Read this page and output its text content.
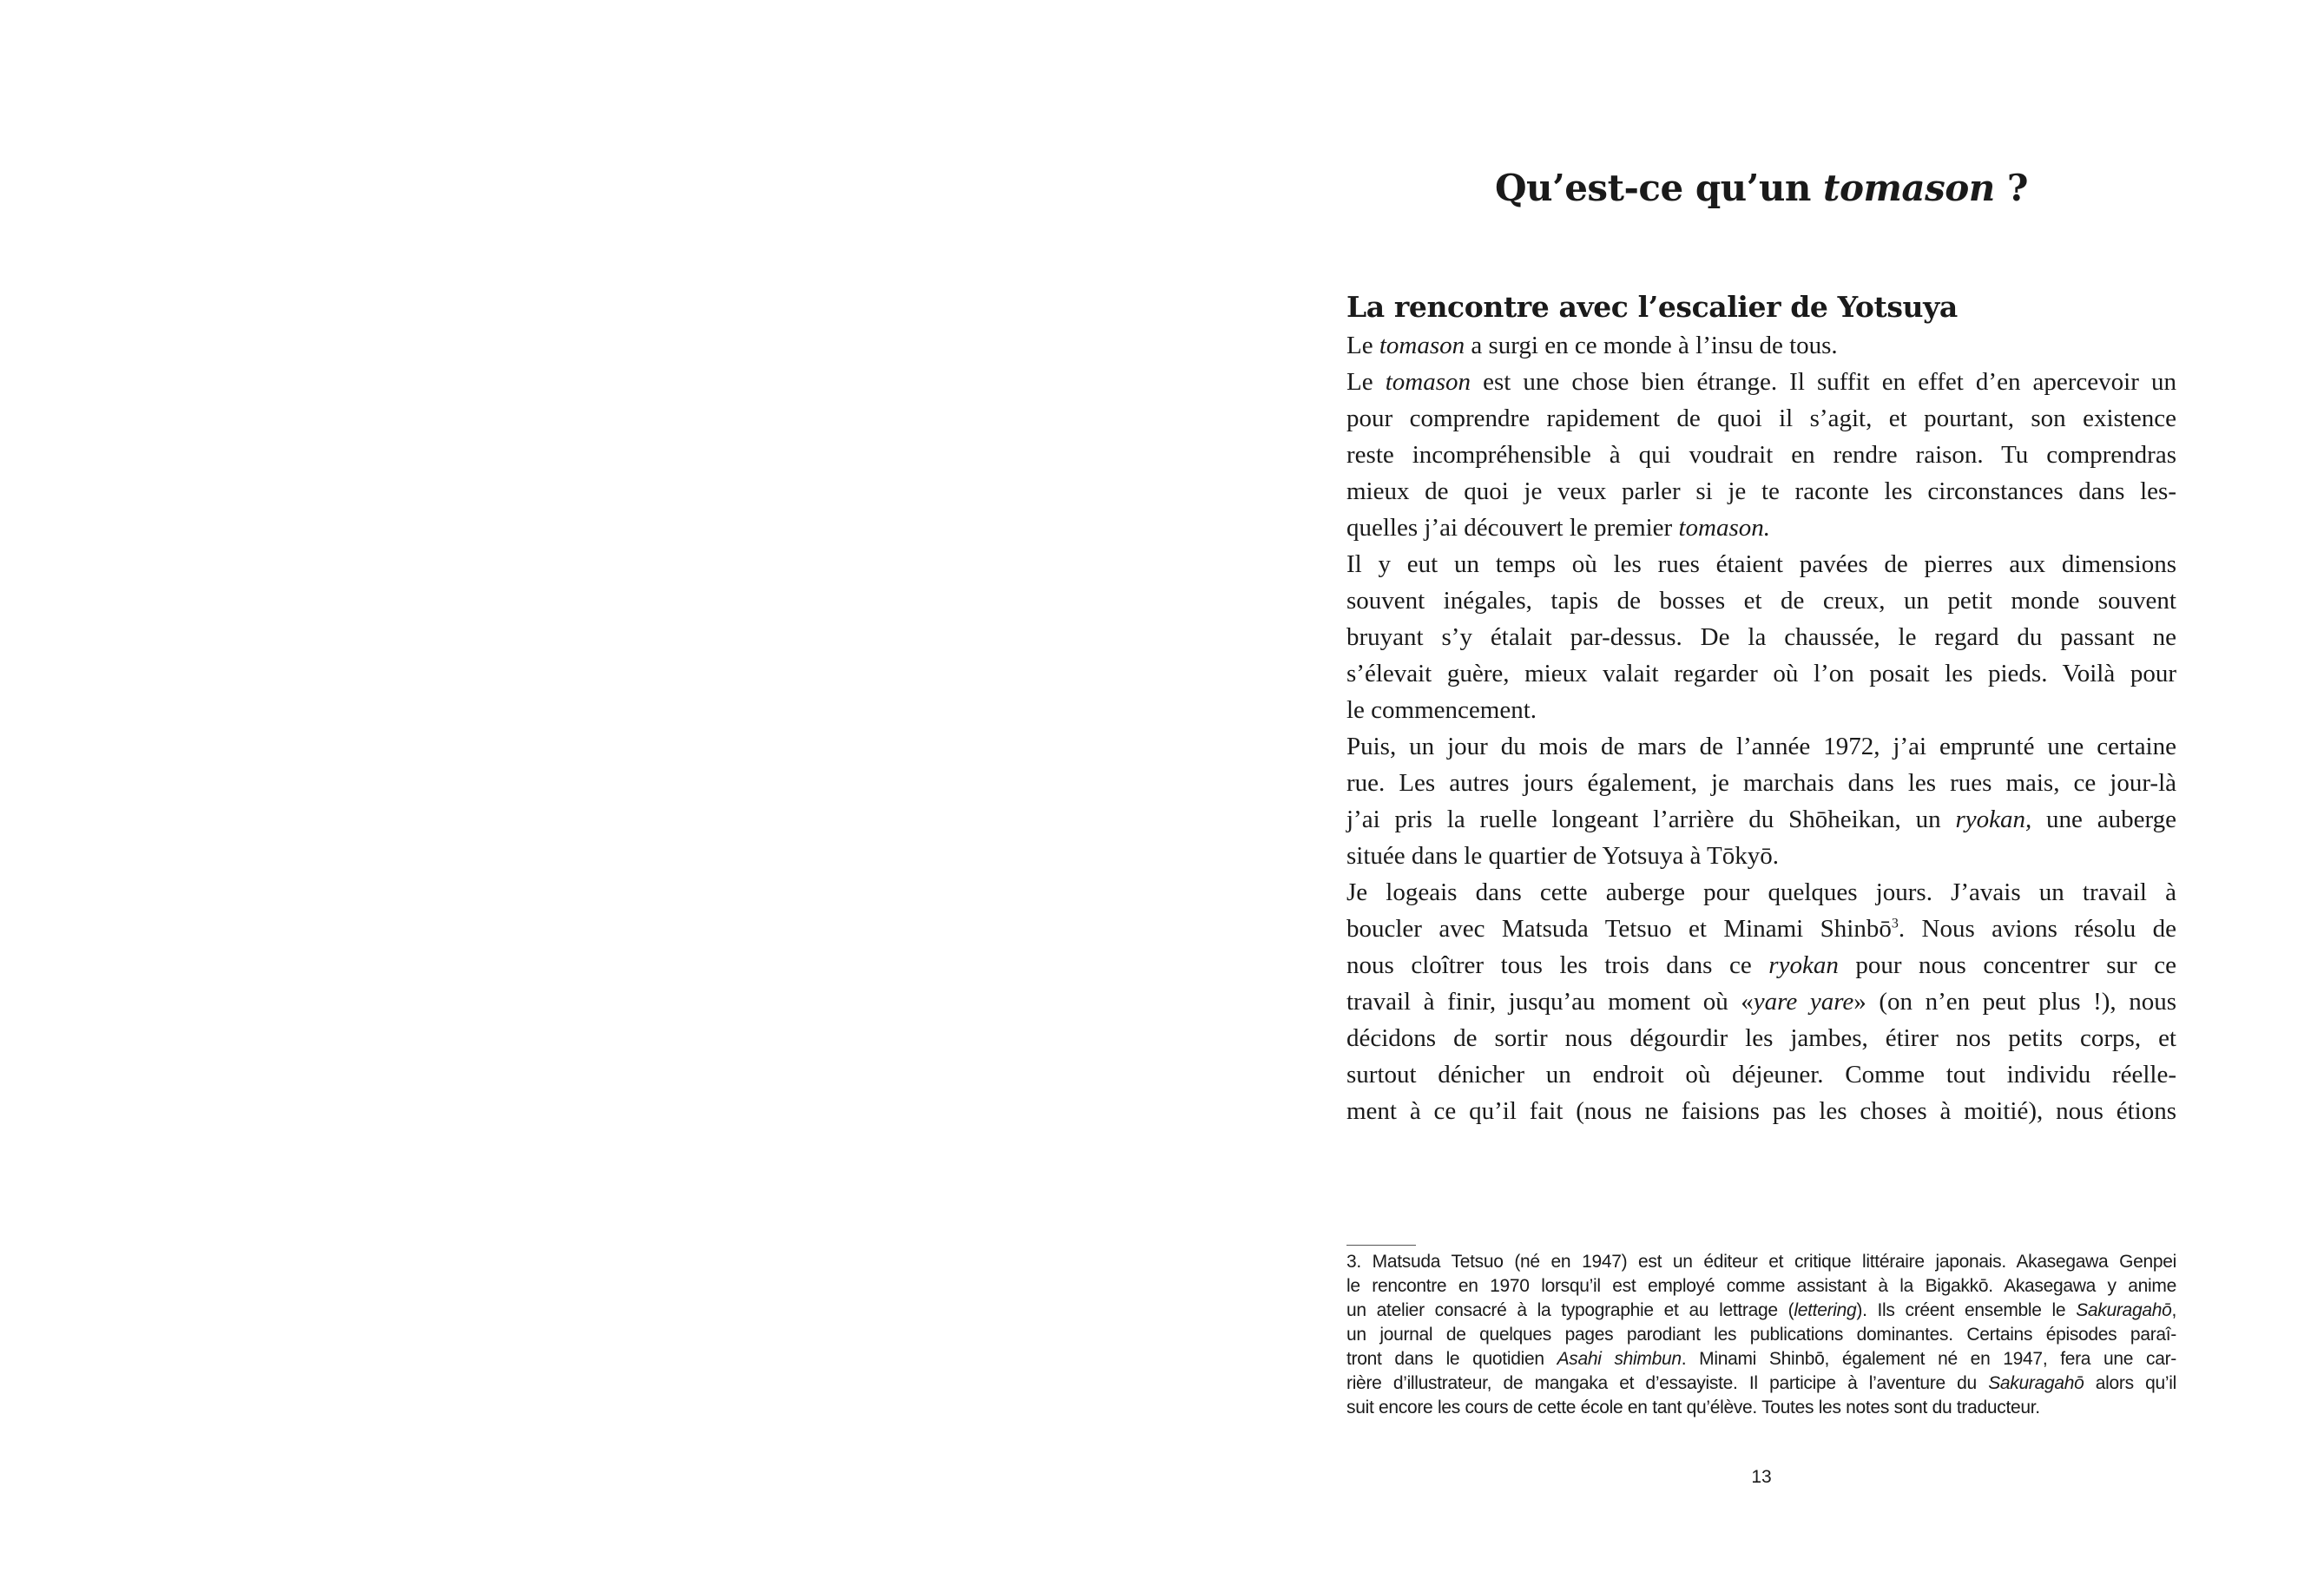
Qu’est-ce qu’un tomason ?
La rencontre avec l’escalier de Yotsuya
Le tomason a surgi en ce monde à l’insu de tous.
Le tomason est une chose bien étrange. Il suffit en effet d’en apercevoir un
pour comprendre rapidement de quoi il s’agit, et pourtant, son existence
reste incompréhensible à qui voudrait en rendre raison. Tu comprendras
mieux de quoi je veux parler si je te raconte les circonstances dans les-
quelles j’ai découvert le premier tomason.
Il y eut un temps où les rues étaient pavées de pierres aux dimensions
souvent inégales, tapis de bosses et de creux, un petit monde souvent
bruyant s’y étalait par-dessus. De la chaussée, le regard du passant ne
s’élevait guère, mieux valait regarder où l’on posait les pieds. Voilà pour
le commencement.
Puis, un jour du mois de mars de l’année 1972, j’ai emprunté une certaine
rue. Les autres jours également, je marchais dans les rues mais, ce jour-là
j’ai pris la ruelle longeant l’arrière du Shōheikan, un ryokan, une auberge
située dans le quartier de Yotsuya à Tōkyō.
Je logeais dans cette auberge pour quelques jours. J’avais un travail à
boucler avec Matsuda Tetsuo et Minami Shinbō$^3$. Nous avions résolu de
nous cloîtrer tous les trois dans ce ryokan pour nous concentrer sur ce
travail à finir, jusqu’au moment où «yare yare» (on n’en peut plus !), nous
décidons de sortir nous dégourdir les jambes, étirer nos petits corps, et
surtout dénicher un endroit où déjeuner. Comme tout individu réelle-
ment à ce qu’il fait (nous ne faisions pas les choses à moitié), nous étions
3. Matsuda Tetsuo (né en 1947) est un éditeur et critique littéraire japonais. Akasegawa Genpei
le rencontre en 1970 lorsqu’il est employé comme assistant à la Bigakkō. Akasegawa y anime
un atelier consacré à la typographie et au lettrage (lettering). Ils créent ensemble le Sakuragahō,
un journal de quelques pages parodiant les publications dominantes. Certains épisodes paraî-
tront dans le quotidien Asahi shimbun. Minami Shinbō, également né en 1947, fera une car-
rière d’illustrateur, de mangaka et d’essayiste. Il participe à l’aventure du Sakuragahō alors qu’il
suit encore les cours de cette école en tant qu’élève. Toutes les notes sont du traducteur.
13
